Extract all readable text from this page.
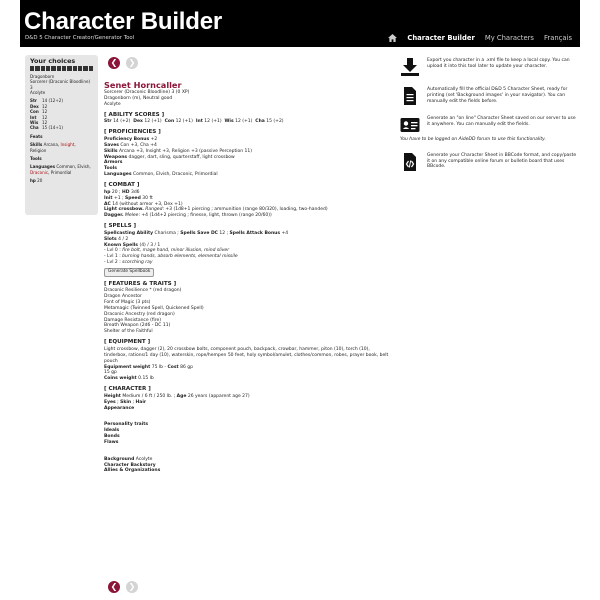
Character Builder
D&D 5 Character Creator/Generator Tool	Character Builder My Characters Français
Your choices
Dragonborn
Sorcerer (Draconic Bloodline)
3
Acolyte
Str	14 (12+2)
Dex 12
Con 12
Int	12
Wis 12
Cha 15 (14+1)
Feats
Skills Arcana, Insight, Religion
Tools
Languages Common, Elvish, Draconic, Primordial
hp 20
❮	❯
Senet Horncaller
Sorcerer (Draconic Bloodline) 3 (0 XP)
Dragonborn (m), Neutral good
Acolyte
[ ABILITY SCORES ]
Str 14 (+2) Dex 12 (+1) Con 12 (+1) Int 12 (+1) Wis 12 (+1) Cha 15 (+2)
[ PROFICIENCIES ]
Proficiency Bonus +2
Saves Con +3, Cha +4
Skills Arcana +3, Insight +3, Religion +3 (passive Perception 11)
Weapons dagger, dart, sling, quarterstaff, light crossbow
Armors
Tools
Languages Common, Elvish, Draconic, Primordial
[ COMBAT ]
hp 20 ; HD 3d6
Init +1 ; Speed 30 ft
AC 14 (without armor +3, Dex +1)
Light crossbow. Ranged: +3 (1d8+1 piercing ; ammunition (range 80/320), loading, two-handed)
Dagger. Melee: +4 (1d4+2 piercing ; finesse, light, thrown (range 20/60))
[ SPELLS ]
Spellcasting Ability Charisma ; Spells Save DC 12 ; Spells Attack Bonus +4
Slots 4 / 2
Known Spells (4) / 3 / 1
- Lvl 0 : fire bolt, mage hand, minor illusion, mind sliver
- Lvl 1 : burning hands, absorb elements, elemental missile
- Lvl 2 : scorching ray
Generate Spellbook
[ FEATURES & TRAITS ]
Draconic Resilience * (red dragon)
Dragon Ancestor
Font of Magic (3 pts)
Metamagic (Twinned Spell, Quickened Spell)
Draconic Ancestry (red dragon)
Damage Resistance (fire)
Breath Weapon (2d6 - DC 11)
Shelter of the Faithful
[ EQUIPMENT ]
Light crossbow, dagger (2), 20 crossbow bolts, component pouch, backpack, crowbar, hammer, piton (10), torch (10), tinderbox, rations/1 day (10), waterskin, rope/hempen 50 feet, holy symbol/amulet, clothes/common, robes, prayer book, belt pouch
Equipment weight 75 lb - Cost 86 gp
15 gp
Coins weight 0.15 lb
[ CHARACTER ]
Height Medium / 6 ft / 250 lb. ; Age 26 years (apparent age 27)
Eyes ; Skin ; Hair
Appearance
Personality traits
Ideals
Bonds
Flaws
Background Acolyte
Character Backstory
Allies & Organizations
❮	❯
Export you character in a .xml file to keep a local copy. You can upload it into this tool later to update your character.
Automatically fill the official D&D 5 Character Sheet, ready for printing (set 'Background images' in your navigator). You can manually edit the fields before.
Generate an "on line" Character Sheet saved on our server to use it anywhere. You can manually edit the fields.
You have to be logged on AideDD forum to use this functionality.
Generate your Character Sheet in BBCode format, and copy/paste it on any compatible online forum or bulletin board that uses BBcode.
